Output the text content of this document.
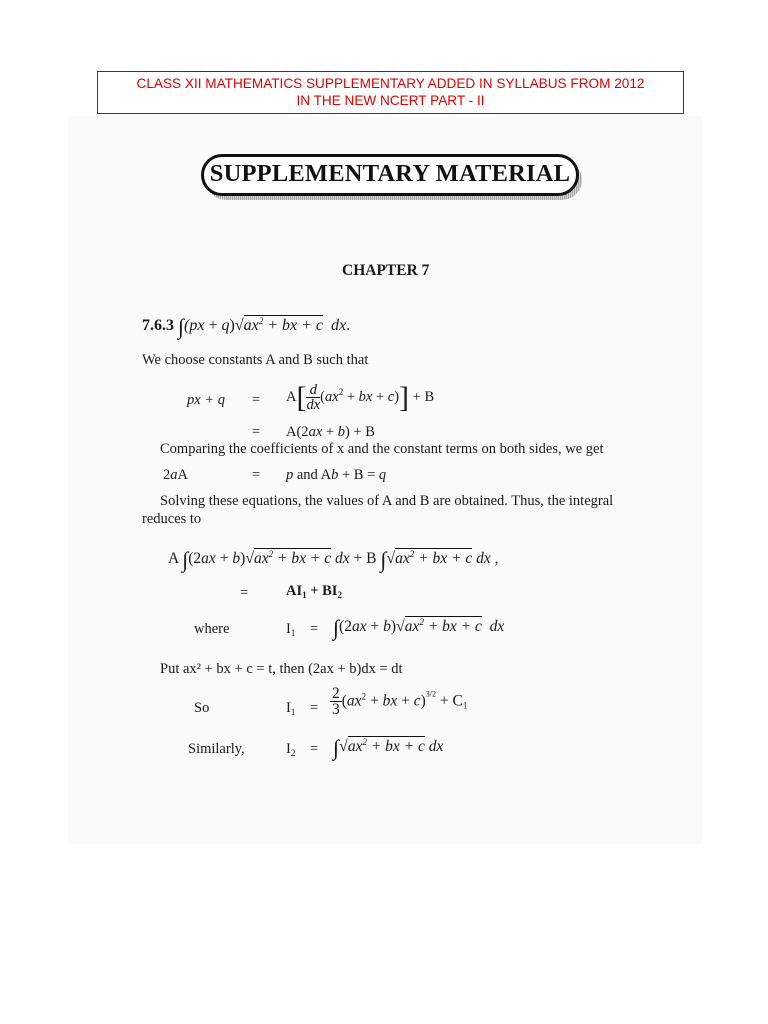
CLASS XII MATHEMATICS SUPPLEMENTARY ADDED IN SYLLABUS FROM 2012
IN THE NEW NCERT PART - II
SUPPLEMENTARY MATERIAL
CHAPTER 7
7.6.3 $\int(px + q)√ax^2$ + bx + c dx.
We choose constants A and B such that
px + $q = A[ \frac{d}{dx} (ax^2$ + bx + c)] + B
= A(2ax + b) + B
Comparing the coefficients of x and the constant terms on both sides, we get
2aA	= p and Ab + B = q
Solving these equations, the values of A and B are obtained. Thus, the integral
reduces to
A $\int(2ax + b)√ax^2$ + bx + c dx + B $\int√ax^2$ + bx + c dx ,
=	$AI_1 + BI_2$
where	$I_1 = \int(2ax + b)√ax^2$ + bx + c dx
Put ax² + bx + c = t, then (2ax + b)dx = dt
So	$I_1 = \frac{2}{3} (ax^2$ + bx + $c)^{3/2} + C_1$
Similarly,	$I_2 = \int√ax^2$ + bx + c dx
